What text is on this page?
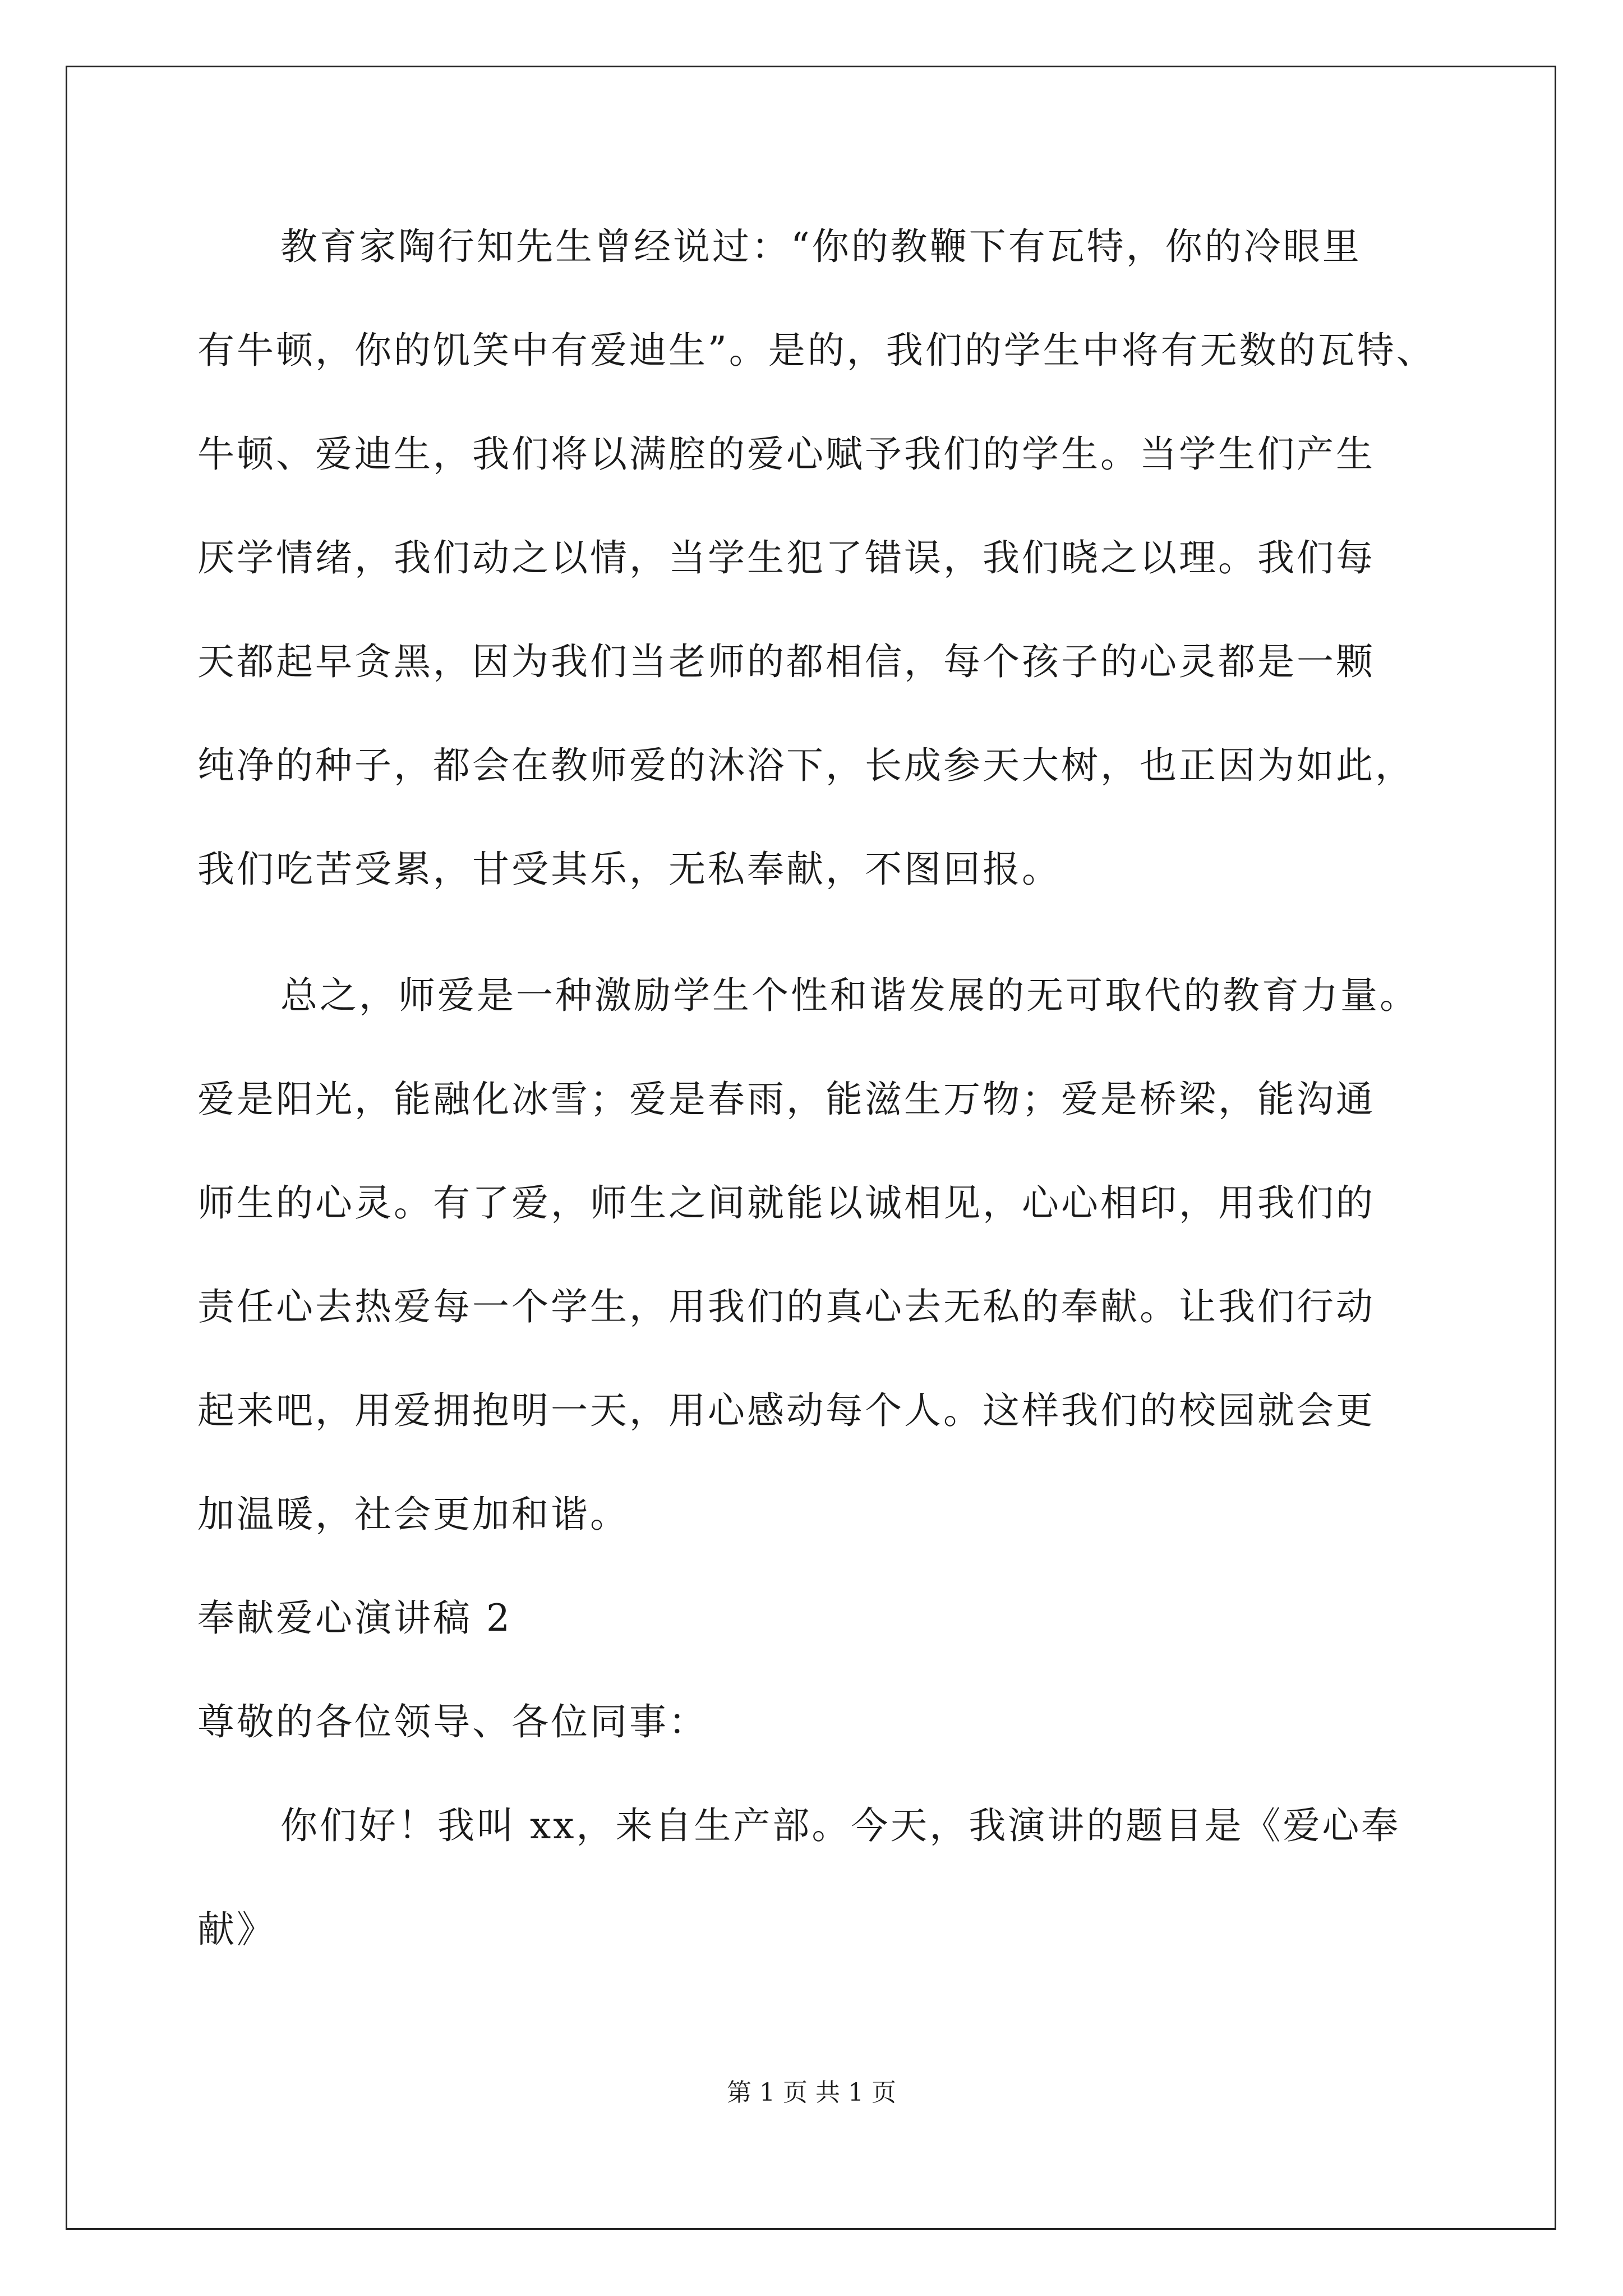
教育家陶行知先生曾经说过：“你的教鞭下有瓦特，你的冷眼里
有牛顿，你的饥笑中有爱迪生”。是的，我们的学生中将有无数的瓦特、
牛顿、爱迪生，我们将以满腔的爱心赋予我们的学生。当学生们产生
厌学情绪，我们动之以情，当学生犯了错误，我们晓之以理。我们每
天都起早贪黑，因为我们当老师的都相信，每个孩子的心灵都是一颗
纯净的种子，都会在教师爱的沐浴下，长成参天大树，也正因为如此，
我们吃苦受累，甘受其乐，无私奉献，不图回报。
总之，师爱是一种激励学生个性和谐发展的无可取代的教育力量。
爱是阳光，能融化冰雪；爱是春雨，能滋生万物；爱是桥梁，能沟通
师生的心灵。有了爱，师生之间就能以诚相见，心心相印，用我们的
责任心去热爱每一个学生，用我们的真心去无私的奉献。让我们行动
起来吧，用爱拥抱明一天，用心感动每个人。这样我们的校园就会更
加温暖，社会更加和谐。
奉献爱心演讲稿 2
尊敬的各位领导、各位同事：
你们好！我叫 xx，来自生产部。今天，我演讲的题目是《爱心奉
献》
第 1 页 共 1 页
